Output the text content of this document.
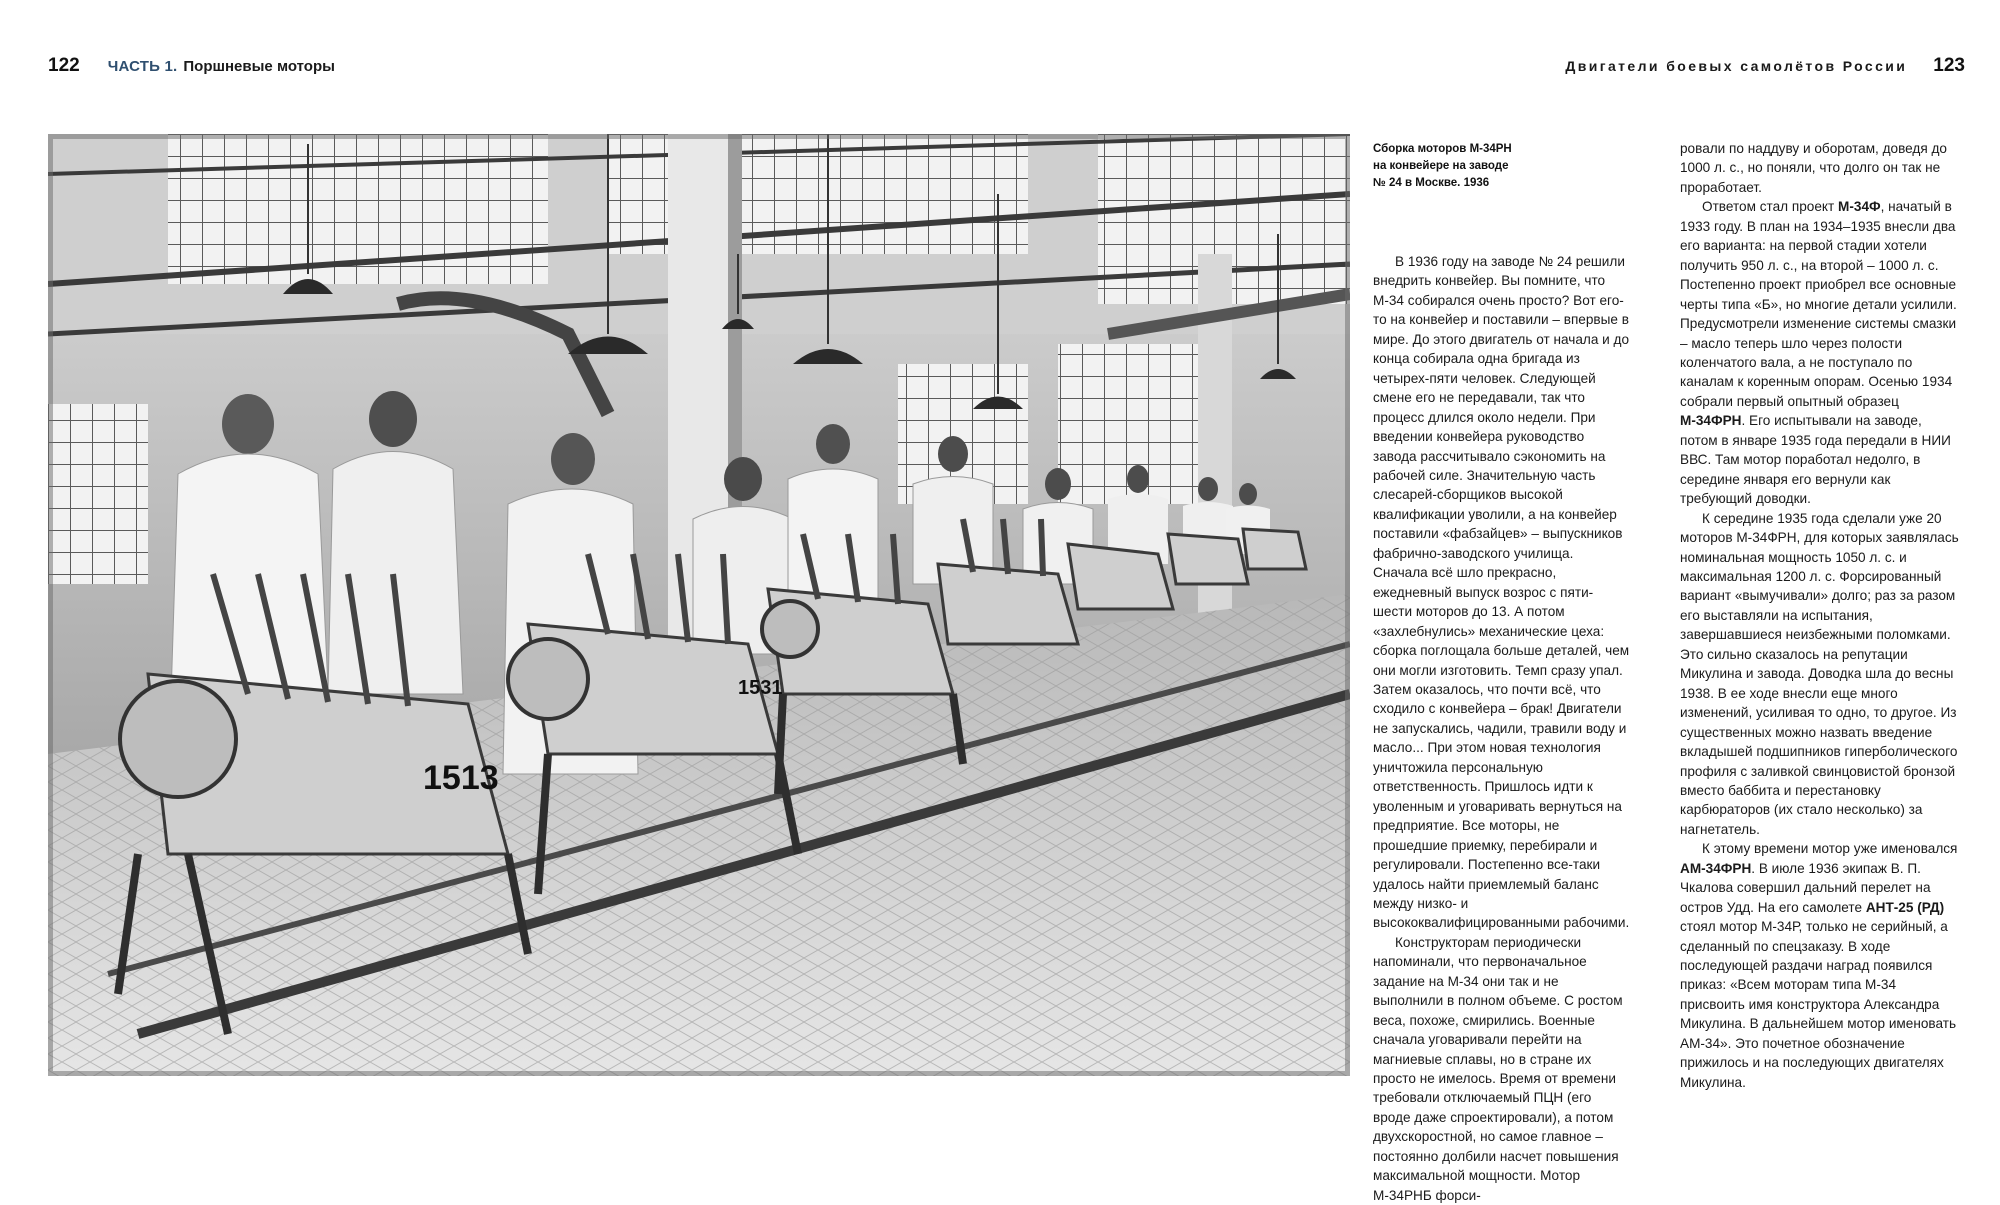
122 ЧАСТЬ 1. Поршневые моторы	Двигатели боевых самолётов России 123
1513
1531
Сборка моторов М-34РН на конвейере на заводе № 24 в Москве. 1936

В 1936 году на заводе № 24 решили внедрить конвейер. Вы помните, что М-34 собирался очень просто? Вот его-то на конвейер и поставили – впервые в мире. До этого двигатель от начала и до конца собирала одна бригада из четырех-пяти человек. Следующей смене его не передавали, так что процесс длился около недели. При введении конвейера руководство завода рассчитывало сэкономить на рабочей силе. Значительную часть слесарей-сборщиков высокой квалификации уволили, а на конвейер поставили «фабзайцев» – выпускников фабрично-заводского училища. Сначала всё шло прекрасно, ежедневный выпуск возрос с пяти-шести моторов до 13. А потом «захлебнулись» механические цеха: сборка поглощала больше деталей, чем они могли изготовить. Темп сразу упал. Затем оказалось, что почти всё, что сходило с конвейера – брак! Двигатели не запускались, чадили, травили воду и масло... При этом новая технология уничтожила персональную ответственность. Пришлось идти к уволенным и уговаривать вернуться на предприятие. Все моторы, не прошедшие приемку, перебирали и регулировали. Постепенно все-таки удалось найти приемлемый баланс между низко- и высококвалифицированными рабочими.

Конструкторам периодически напоминали, что первоначальное задание на М-34 они так и не выполнили в полном объеме. С ростом веса, похоже, смирились. Военные сначала уговаривали перейти на магниевые сплавы, но в стране их просто не имелось. Время от времени требовали отключаемый ПЦН (его вроде даже спроектировали), а потом двухскоростной, но самое главное – постоянно долбили насчет повышения максимальной мощности. Мотор М-34РНБ форси-

ровали по наддуву и оборотам, доведя до 1000 л. с., но поняли, что долго он так не проработает.

Ответом стал проект М-34Ф, начатый в 1933 году. В план на 1934–1935 внесли два его варианта: на первой стадии хотели получить 950 л. с., на второй – 1000 л. с. Постепенно проект приобрел все основные черты типа «Б», но многие детали усилили. Предусмотрели изменение системы смазки – масло теперь шло через полости коленчатого вала, а не поступало по каналам к коренным опорам. Осенью 1934 собрали первый опытный образец М-34ФРН. Его испытывали на заводе, потом в январе 1935 года передали в НИИ ВВС. Там мотор поработал недолго, в середине января его вернули как требующий доводки.

К середине 1935 года сделали уже 20 моторов М-34ФРН, для которых заявлялась номинальная мощность 1050 л. с. и максимальная 1200 л. с. Форсированный вариант «вымучивали» долго; раз за разом его выставляли на испытания, завершавшиеся неизбежными поломками. Это сильно сказалось на репутации Микулина и завода. Доводка шла до весны 1938. В ее ходе внесли еще много изменений, усиливая то одно, то другое. Из существенных можно назвать введение вкладышей подшипников гиперболического профиля с заливкой свинцовистой бронзой вместо баббита и перестановку карбюраторов (их стало несколько) за нагнетатель.

К этому времени мотор уже именовался АМ-34ФРН. В июле 1936 экипаж В. П. Чкалова совершил дальний перелет на остров Удд. На его самолете АНТ-25 (РД) стоял мотор М-34Р, только не серийный, а сделанный по спецзаказу. В ходе последующей раздачи наград появился приказ: «Всем моторам типа М-34 присвоить имя конструктора Александра Микулина. В дальнейшем мотор именовать АМ-34». Это почетное обозначение прижилось и на последующих двигателях Микулина.
